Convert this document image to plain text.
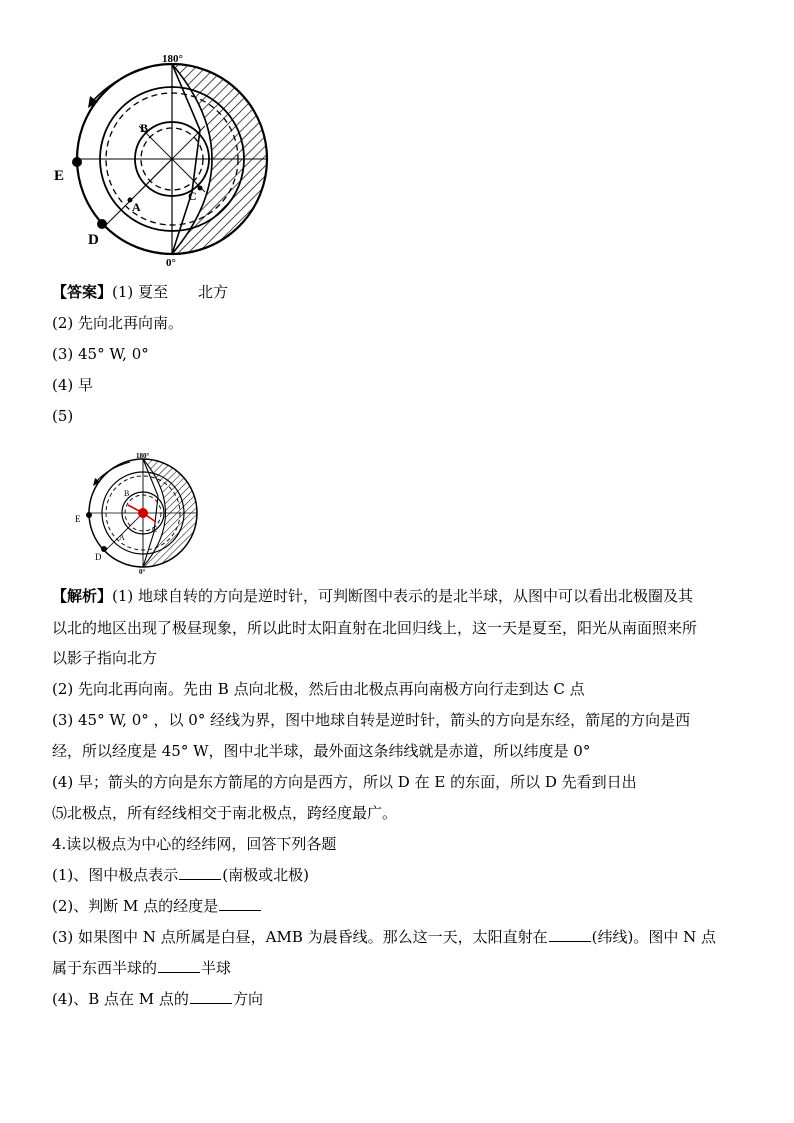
180°
0°
E
D
A
B
C
【答案】(1) 夏至　　北方
(2) 先向北再向南。
(3) 45° W, 0°
(4) 早
(5)
180°
0°
E
D
A
B
C
【解析】(1) 地球自转的方向是逆时针，可判断图中表示的是北半球，从图中可以看出北极圈及其
以北的地区出现了极昼现象，所以此时太阳直射在北回归线上，这一天是夏至，阳光从南面照来所
以影子指向北方
(2) 先向北再向南。先由 B 点向北极，然后由北极点再向南极方向行走到达 C 点
(3) 45° W, 0° ，以 0° 经线为界，图中地球自转是逆时针，箭头的方向是东经，箭尾的方向是西
经，所以经度是 45° W，图中北半球，最外面这条纬线就是赤道，所以纬度是 0°
(4) 早；箭头的方向是东方箭尾的方向是西方，所以 D 在 E 的东面，所以 D 先看到日出
⑸北极点，所有经线相交于南北极点，跨经度最广。
4.读以极点为中心的经纬网，回答下列各题
(1)、图中极点表示	(南极或北极)
(2)、判断 M 点的经度是
(3) 如果图中 N 点所属是白昼，AMB 为晨昏线。那么这一天，太阳直射在	(纬线)。图中 N 点
属于东西半球的	半球
(4)、B 点在 M 点的	方向
